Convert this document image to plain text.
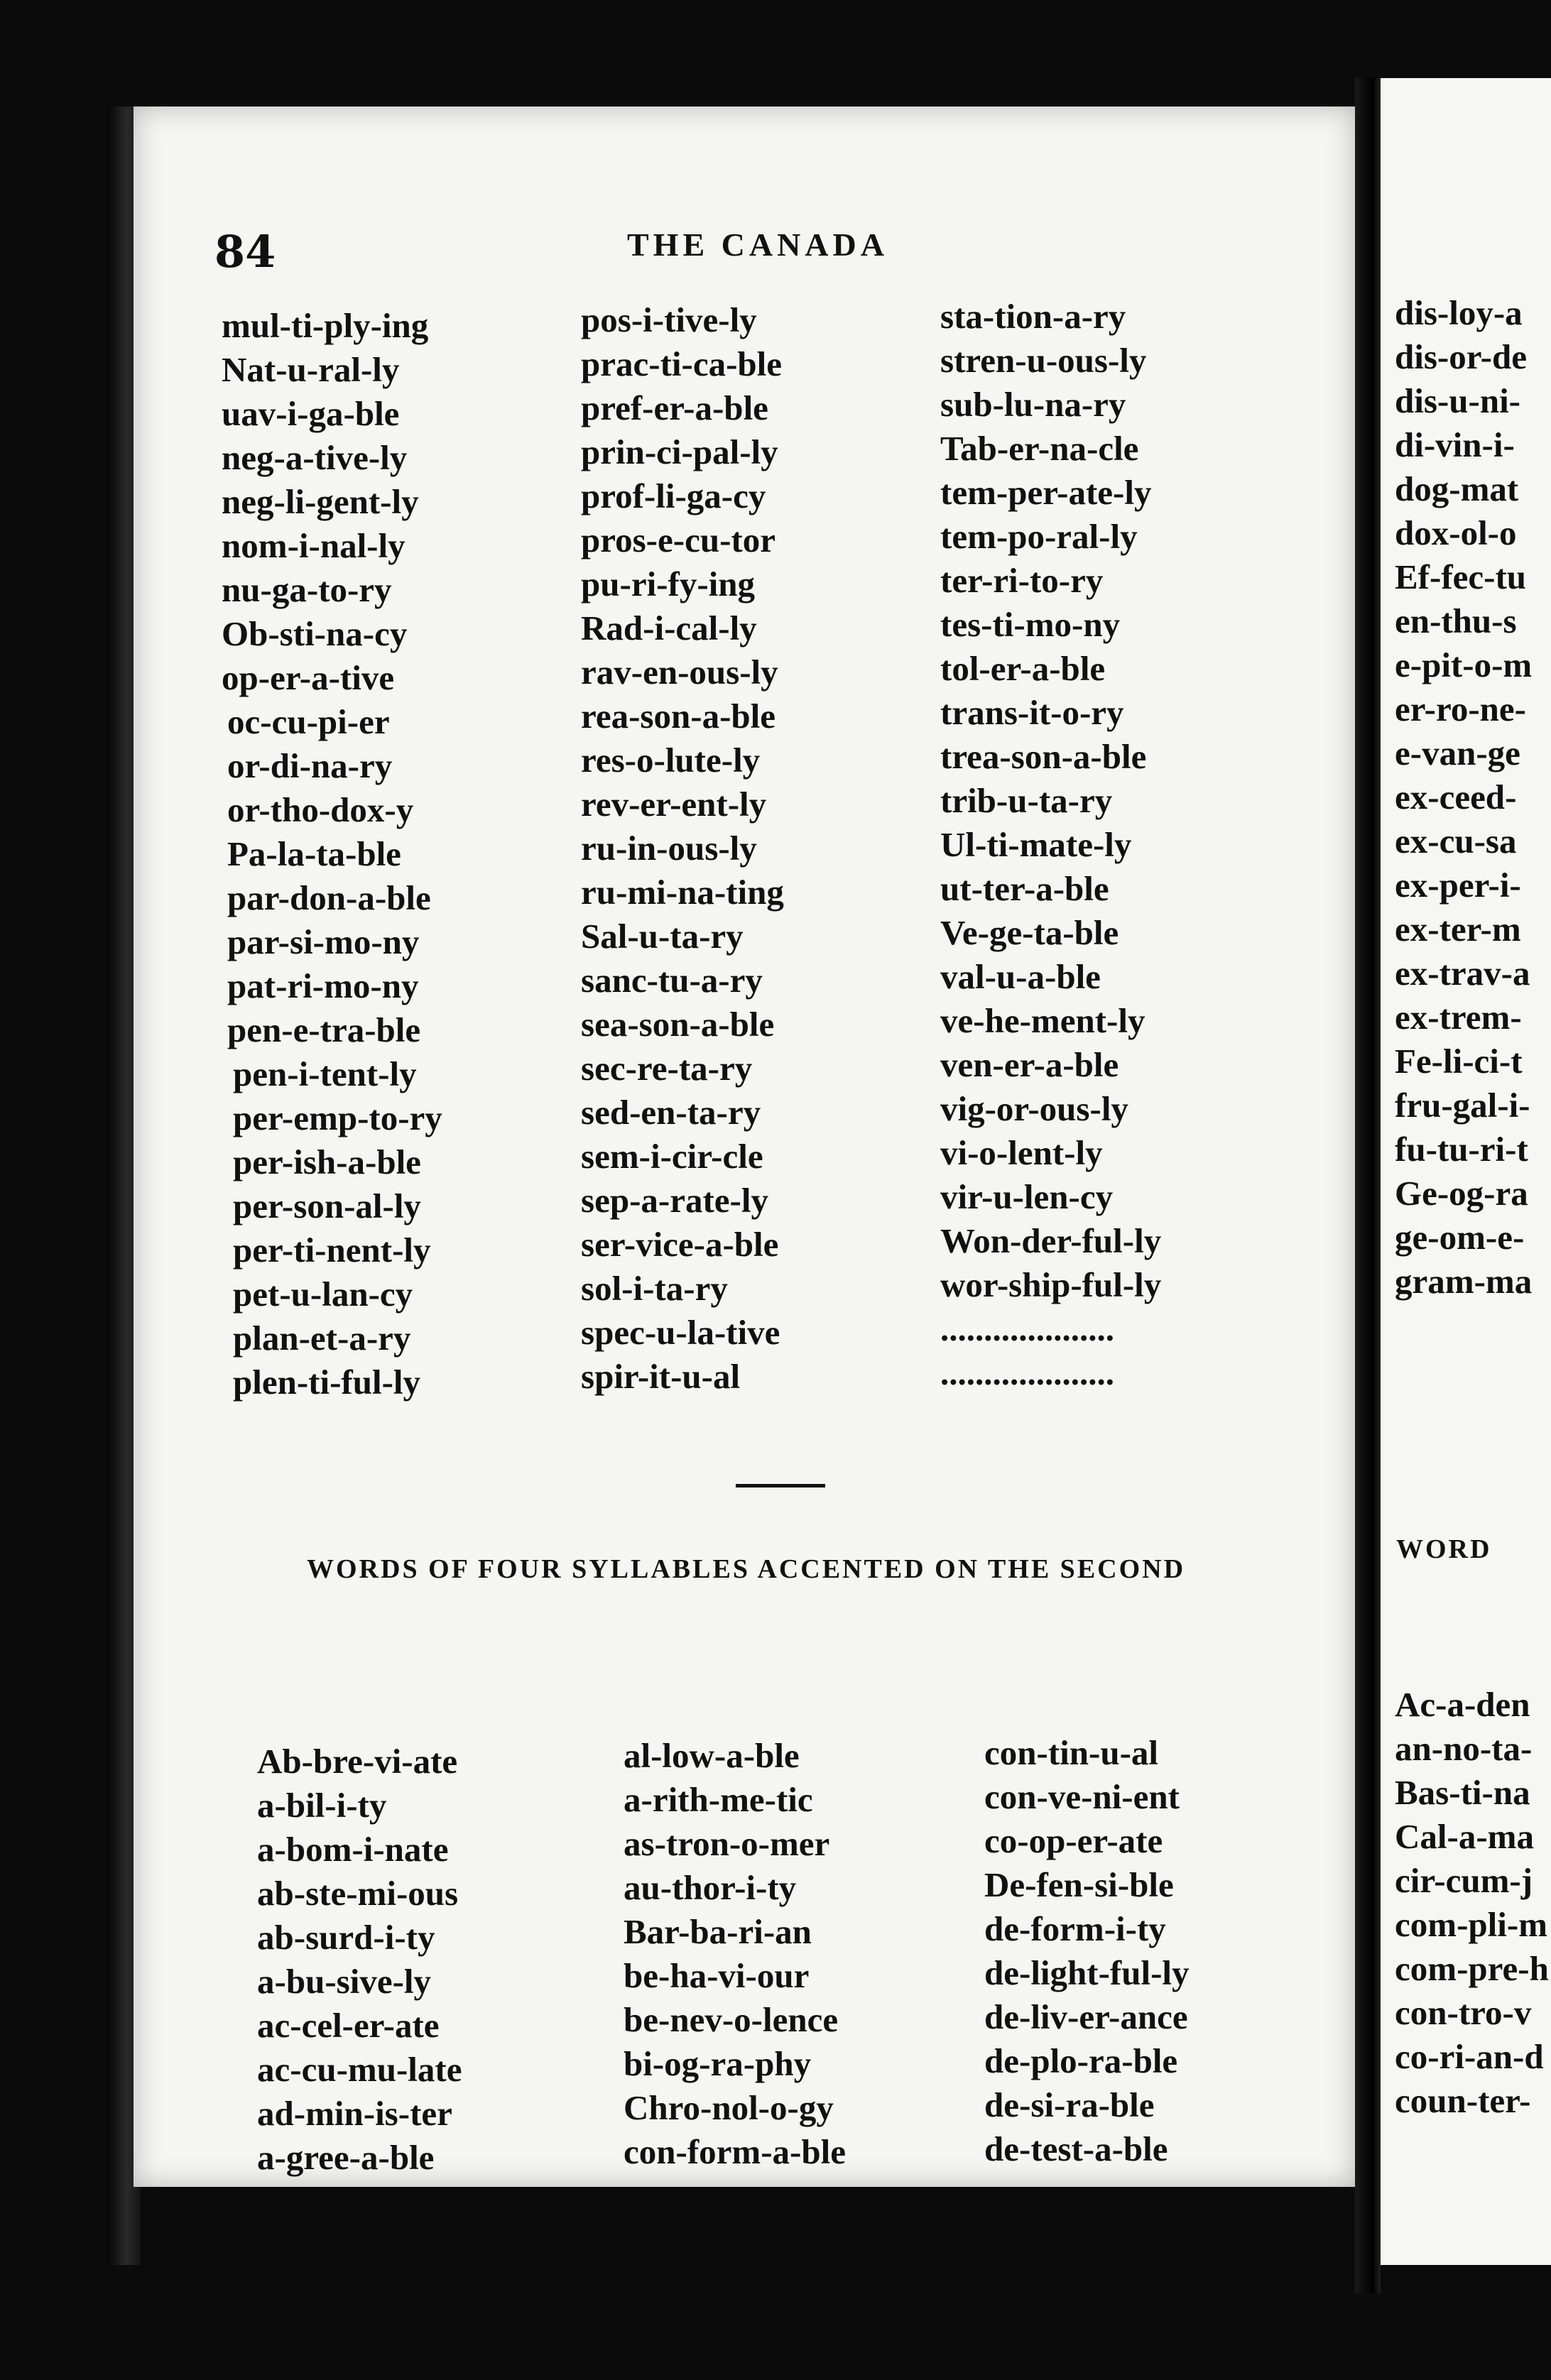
84	THE CANADA

mul-ti-ply-ing
Nat-u-ral-ly
uav-i-ga-ble
neg-a-tive-ly
neg-li-gent-ly
nom-i-nal-ly
nu-ga-to-ry
Ob-sti-na-cy
op-er-a-tive
oc-cu-pi-er
or-di-na-ry
or-tho-dox-y
Pa-la-ta-ble
par-don-a-ble
par-si-mo-ny
pat-ri-mo-ny
pen-e-tra-ble
pen-i-tent-ly
per-emp-to-ry
per-ish-a-ble
per-son-al-ly
per-ti-nent-ly
pet-u-lan-cy
plan-et-a-ry
plen-ti-ful-ly
pos-i-tive-ly
prac-ti-ca-ble
pref-er-a-ble
prin-ci-pal-ly
prof-li-ga-cy
pros-e-cu-tor
pu-ri-fy-ing
Rad-i-cal-ly
rav-en-ous-ly
rea-son-a-ble
res-o-lute-ly
rev-er-ent-ly
ru-in-ous-ly
ru-mi-na-ting
Sal-u-ta-ry
sanc-tu-a-ry
sea-son-a-ble
sec-re-ta-ry
sed-en-ta-ry
sem-i-cir-cle
sep-a-rate-ly
ser-vice-a-ble
sol-i-ta-ry
spec-u-la-tive
spir-it-u-al
sta-tion-a-ry
stren-u-ous-ly
sub-lu-na-ry
Tab-er-na-cle
tem-per-ate-ly
tem-po-ral-ly
ter-ri-to-ry
tes-ti-mo-ny
tol-er-a-ble
trans-it-o-ry
trea-son-a-ble
trib-u-ta-ry
Ul-ti-mate-ly
ut-ter-a-ble
Ve-ge-ta-ble
val-u-a-ble
ve-he-ment-ly
ven-er-a-ble
vig-or-ous-ly
vi-o-lent-ly
vir-u-len-cy
Won-der-ful-ly
wor-ship-ful-ly
....................
....................

WORDS OF FOUR SYLLABLES ACCENTED ON THE SECOND

Ab-bre-vi-ate
a-bil-i-ty
a-bom-i-nate
ab-ste-mi-ous
ab-surd-i-ty
a-bu-sive-ly
ac-cel-er-ate
ac-cu-mu-late
ad-min-is-ter
a-gree-a-ble
al-low-a-ble
a-rith-me-tic
as-tron-o-mer
au-thor-i-ty
Bar-ba-ri-an
be-ha-vi-our
be-nev-o-lence
bi-og-ra-phy
Chro-nol-o-gy
con-form-a-ble
con-tin-u-al
con-ve-ni-ent
co-op-er-ate
De-fen-si-ble
de-form-i-ty
de-light-ful-ly
de-liv-er-ance
de-plo-ra-ble
de-si-ra-ble
de-test-a-ble
dis-loy-a
dis-or-de
dis-u-ni-
di-vin-i-
dog-mat
dox-ol-o
Ef-fec-tu
en-thu-s
e-pit-o-m
er-ro-ne-
e-van-ge
ex-ceed-
ex-cu-sa
ex-per-i-
ex-ter-m
ex-trav-a
ex-trem-
Fe-li-ci-t
fru-gal-i-
fu-tu-ri-t
Ge-og-ra
ge-om-e-
gram-ma

WORD

Ac-a-den
an-no-ta-
Bas-ti-na
Cal-a-ma
cir-cum-j
com-pli-m
com-pre-h
con-tro-v
co-ri-an-d
coun-ter-
